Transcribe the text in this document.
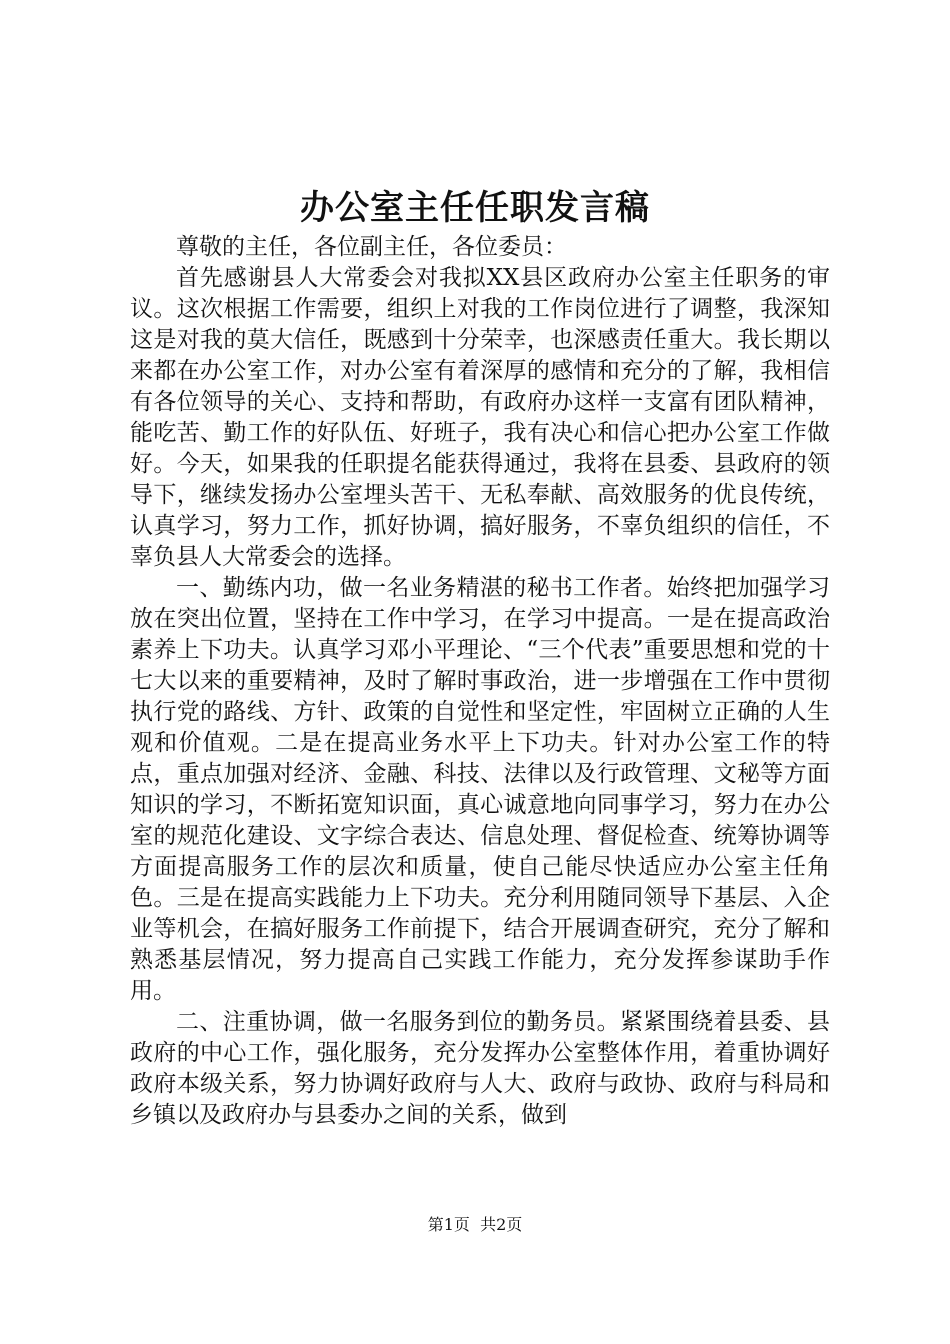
办公室主任任职发言稿

尊敬的主任，各位副主任，各位委员：

首先感谢县人大常委会对我拟XX县区政府办公室主任职务的审议。这次根据工作需要，组织上对我的工作岗位进行了调整，我深知这是对我的莫大信任，既感到十分荣幸，也深感责任重大。我长期以来都在办公室工作，对办公室有着深厚的感情和充分的了解，我相信有各位领导的关心、支持和帮助，有政府办这样一支富有团队精神，能吃苦、勤工作的好队伍、好班子，我有决心和信心把办公室工作做好。今天，如果我的任职提名能获得通过，我将在县委、县政府的领导下，继续发扬办公室埋头苦干、无私奉献、高效服务的优良传统，认真学习，努力工作，抓好协调，搞好服务，不辜负组织的信任，不辜负县人大常委会的选择。

一、勤练内功，做一名业务精湛的秘书工作者。始终把加强学习放在突出位置，坚持在工作中学习，在学习中提高。一是在提高政治素养上下功夫。认真学习邓小平理论、“三个代表”重要思想和党的十七大以来的重要精神，及时了解时事政治，进一步增强在工作中贯彻执行党的路线、方针、政策的自觉性和坚定性，牢固树立正确的人生观和价值观。二是在提高业务水平上下功夫。针对办公室工作的特点，重点加强对经济、金融、科技、法律以及行政管理、文秘等方面知识的学习，不断拓宽知识面，真心诚意地向同事学习，努力在办公室的规范化建设、文字综合表达、信息处理、督促检查、统筹协调等方面提高服务工作的层次和质量，使自己能尽快适应办公室主任角色。三是在提高实践能力上下功夫。充分利用随同领导下基层、入企业等机会，在搞好服务工作前提下，结合开展调查研究，充分了解和熟悉基层情况，努力提高自己实践工作能力，充分发挥参谋助手作用。

二、注重协调，做一名服务到位的勤务员。紧紧围绕着县委、县政府的中心工作，强化服务，充分发挥办公室整体作用，着重协调好政府本级关系，努力协调好政府与人大、政府与政协、政府与科局和乡镇以及政府办与县委办之间的关系，做到

第1页 共2页
